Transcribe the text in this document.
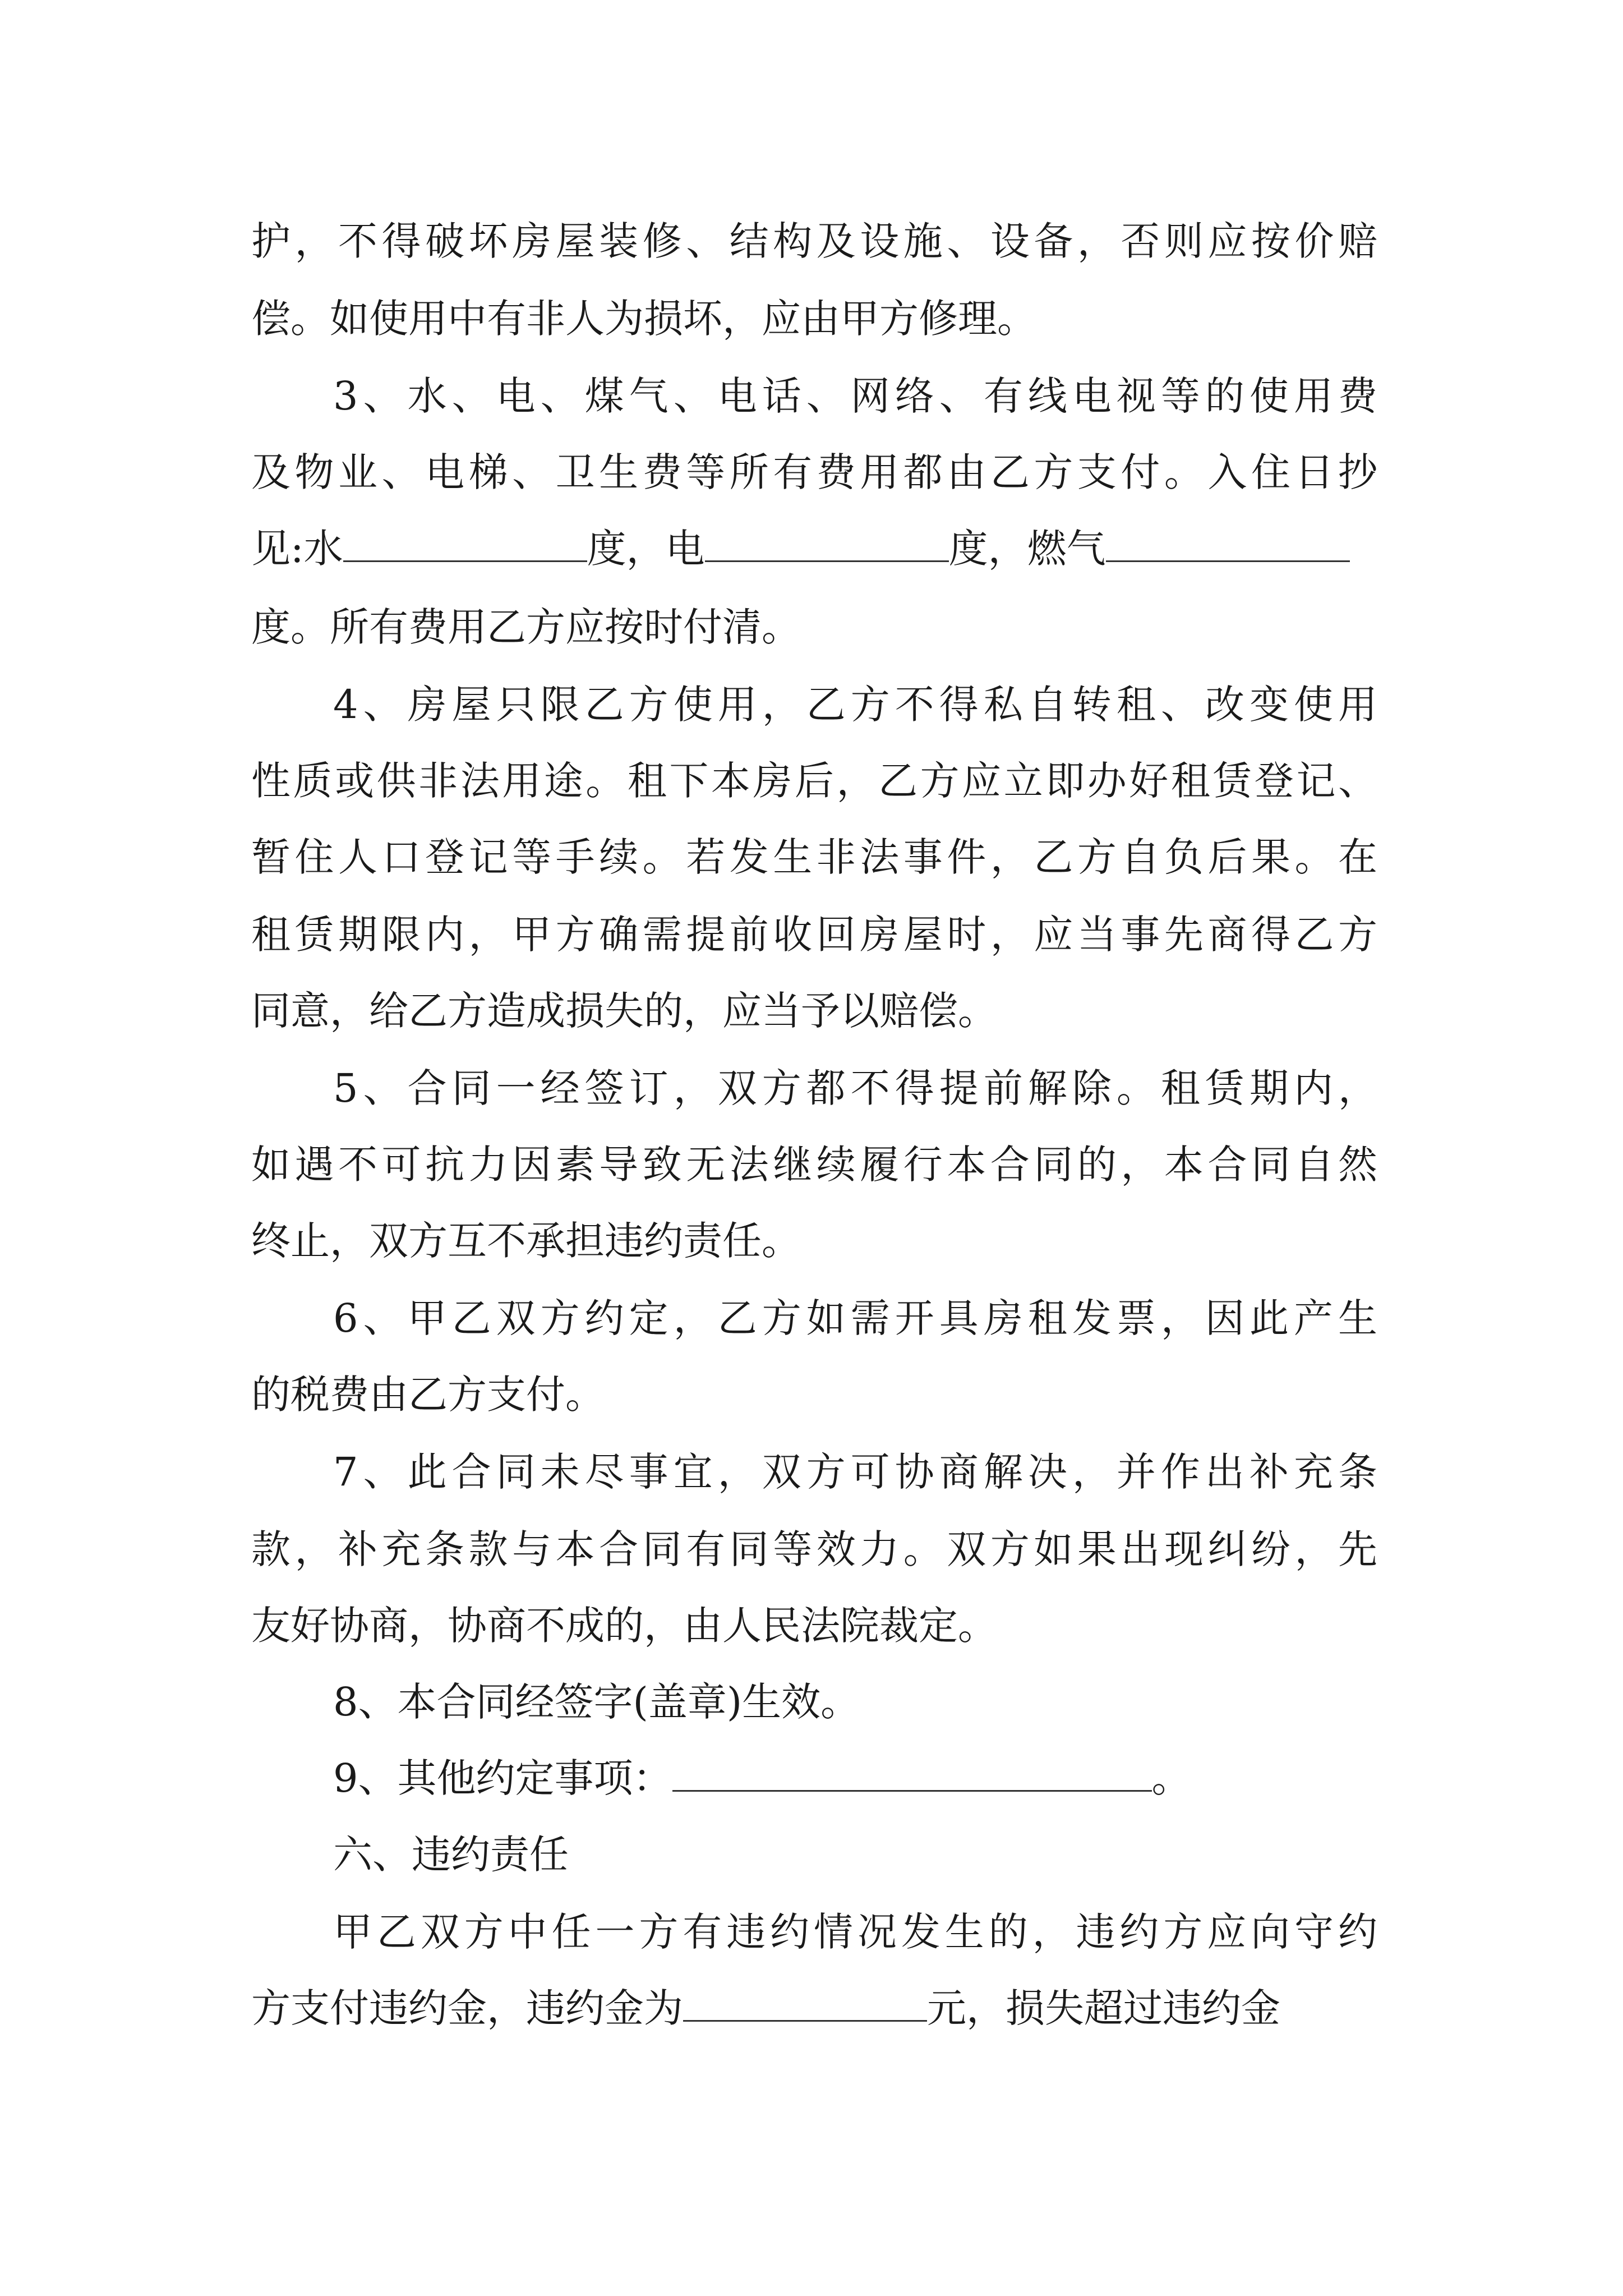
护，不得破坏房屋装修、结构及设施、设备，否则应按价赔
偿。如使用中有非人为损坏，应由甲方修理。
3、水、电、煤气、电话、网络、有线电视等的使用费
及物业、电梯、卫生费等所有费用都由乙方支付。入住日抄
见:水	度，电	度，燃气
度。所有费用乙方应按时付清。
4、房屋只限乙方使用，乙方不得私自转租、改变使用
性质或供非法用途。租下本房后，乙方应立即办好租赁登记、
暂住人口登记等手续。若发生非法事件，乙方自负后果。在
租赁期限内，甲方确需提前收回房屋时，应当事先商得乙方
同意，给乙方造成损失的，应当予以赔偿。
5、合同一经签订，双方都不得提前解除。租赁期内，
如遇不可抗力因素导致无法继续履行本合同的，本合同自然
终止，双方互不承担违约责任。
6、甲乙双方约定，乙方如需开具房租发票，因此产生
的税费由乙方支付。
7、此合同未尽事宜，双方可协商解决，并作出补充条
款，补充条款与本合同有同等效力。双方如果出现纠纷，先
友好协商，协商不成的，由人民法院裁定。
8、本合同经签字(盖章)生效。
9、其他约定事项：	。
六、违约责任
甲乙双方中任一方有违约情况发生的，违约方应向守约
方支付违约金，违约金为	元，损失超过违约金
